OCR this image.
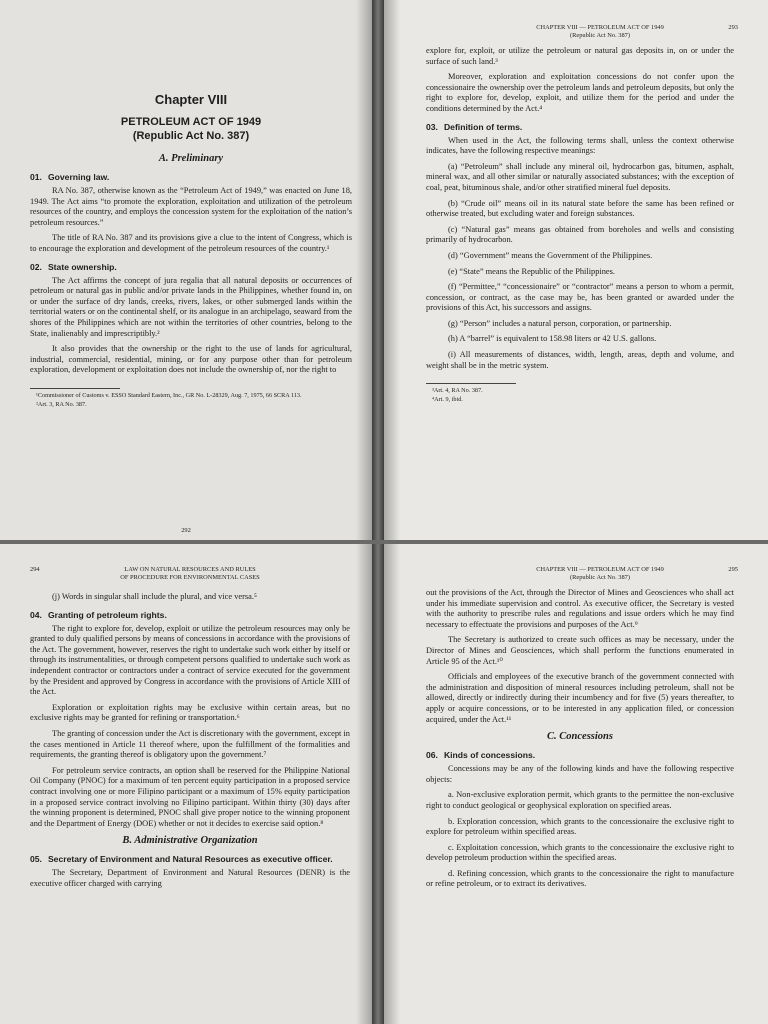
Chapter VIII
PETROLEUM ACT OF 1949
(Republic Act No. 387)
A. Preliminary
01. Governing law.

RA No. 387, otherwise known as the “Petroleum Act of 1949,” was enacted on June 18, 1949. The Act aims “to promote the exploration, exploitation and utilization of the petroleum resources of the country, and employs the concession system for the exploitation of the nation’s petroleum resources.”

The title of RA No. 387 and its provisions give a clue to the intent of Congress, which is to encourage the exploration and development of the petroleum resources of the country.¹

02. State ownership.

The Act affirms the concept of jura regalia that all natural deposits or occurrences of petroleum or natural gas in public and/or private lands in the Philippines, whether found in, on or under the surface of dry lands, creeks, rivers, lakes, or other submerged lands within the territorial waters or on the continental shelf, or its analogue in an archipelago, seaward from the shores of the Philippines which are not within the territories of other countries, belong to the State, inalienably and imprescriptibly.²

It also provides that the ownership or the right to the use of lands for agricultural, industrial, commercial, residential, mining, or for any purpose other than for petroleum exploration, development or exploitation does not include the ownership of, nor the right to

¹Commissioner of Customs v. ESSO Standard Eastern, Inc., GR No. L-28329, Aug. 7, 1975, 66 SCRA 113.
²Art. 3, RA No. 387.
292
CHAPTER VIII — PETROLEUM ACT OF 1949
(Republic Act No. 387)
293

explore for, exploit, or utilize the petroleum or natural gas deposits in, on or under the surface of such land.³

Moreover, exploration and exploitation concessions do not confer upon the concessionaire the ownership over the petroleum lands and petroleum deposits, but only the right to explore for, develop, exploit, and utilize them for the period and under the conditions determined by the Act.⁴

03. Definition of terms.

When used in the Act, the following terms shall, unless the context otherwise indicates, have the following respective meanings:

(a) “Petroleum” shall include any mineral oil, hydrocarbon gas, bitumen, asphalt, mineral wax, and all other similar or naturally associated substances; with the exception of coal, peat, bituminous shale, and/or other stratified mineral fuel deposits.

(b) “Crude oil” means oil in its natural state before the same has been refined or otherwise treated, but excluding water and foreign substances.

(c) “Natural gas” means gas obtained from boreholes and wells and consisting primarily of hydrocarbon.

(d) “Government” means the Government of the Philippines.

(e) “State” means the Republic of the Philippines.

(f) “Permittee,” “concessionaire” or “contractor” means a person to whom a permit, concession, or contract, as the case may be, has been granted or awarded under the provisions of this Act, his successors and assigns.

(g) “Person” includes a natural person, corporation, or partnership.

(h) A “barrel” is equivalent to 158.98 liters or 42 U.S. gallons.

(i) All measurements of distances, width, length, areas, depth and volume, and weight shall be in the metric system.

³Art. 4, RA No. 387.
⁴Art. 9, ibid.
294	LAW ON NATURAL RESOURCES AND RULES
OF PROCEDURE FOR ENVIRONMENTAL CASES

(j) Words in singular shall include the plural, and vice versa.⁵

04. Granting of petroleum rights.

The right to explore for, develop, exploit or utilize the petroleum resources may only be granted to duly qualified persons by means of concessions in accordance with the provisions of the Act. The government, however, reserves the right to undertake such work either by itself or through its instrumentalities, or through competent persons qualified to undertake such work as independent contractor or contractors under a contract of service executed for the government by the President and approved by Congress in accordance with the provisions of Article XIII of the Act.

Exploration or exploitation rights may be exclusive within certain areas, but no exclusive rights may be granted for refining or transportation.⁶

The granting of concession under the Act is discretionary with the government, except in the cases mentioned in Article 11 thereof where, upon the fulfillment of the formalities and requirements, the granting thereof is obligatory upon the government.⁷

For petroleum service contracts, an option shall be reserved for the Philippine National Oil Company (PNOC) for a maximum of ten percent equity participation in a proposed service contract involving one or more Filipino participant or a maximum of 15% equity participation in a proposed service contract involving no Filipino participant. Within thirty (30) days after the winning proponent is determined, PNOC shall give proper notice to the winning proponent and the Department of Energy (DOE) whether or not it decides to exercise said option.⁸

B. Administrative Organization
05. Secretary of Environment and Natural Resources as executive officer.

The Secretary, Department of Environment and Natural Resources (DENR) is the executive officer charged with carrying

CHAPTER VIII — PETROLEUM ACT OF 1949
(Republic Act No. 387)
295

out the provisions of the Act, through the Director of Mines and Geosciences who shall act under his immediate supervision and control. As executive officer, the Secretary is vested with the authority to prescribe rules and regulations and issue orders which he may find necessary to effectuate the provisions and purposes of the Act.⁹

The Secretary is authorized to create such offices as may be necessary, under the Director of Mines and Geosciences, which shall perform the functions enumerated in Article 95 of the Act.¹⁰

Officials and employees of the executive branch of the government connected with the administration and disposition of mineral resources including petroleum, shall not be allowed, directly or indirectly during their incumbency and for five (5) years thereafter, to apply or acquire concessions, or to be interested in any application filed, or concession acquired, under the Act.¹¹

C. Concessions
06. Kinds of concessions.

Concessions may be any of the following kinds and have the following respective objects:

a. Non-exclusive exploration permit, which grants to the permittee the non-exclusive right to conduct geological or geophysical exploration on specified areas.

b. Exploration concession, which grants to the concessionaire the exclusive right to explore for petroleum within specified areas.

c. Exploitation concession, which grants to the concessionaire the exclusive right to develop petroleum production within the specified areas.

d. Refining concession, which grants to the concessionaire the right to manufacture or refine petroleum, or to extract its derivatives.
